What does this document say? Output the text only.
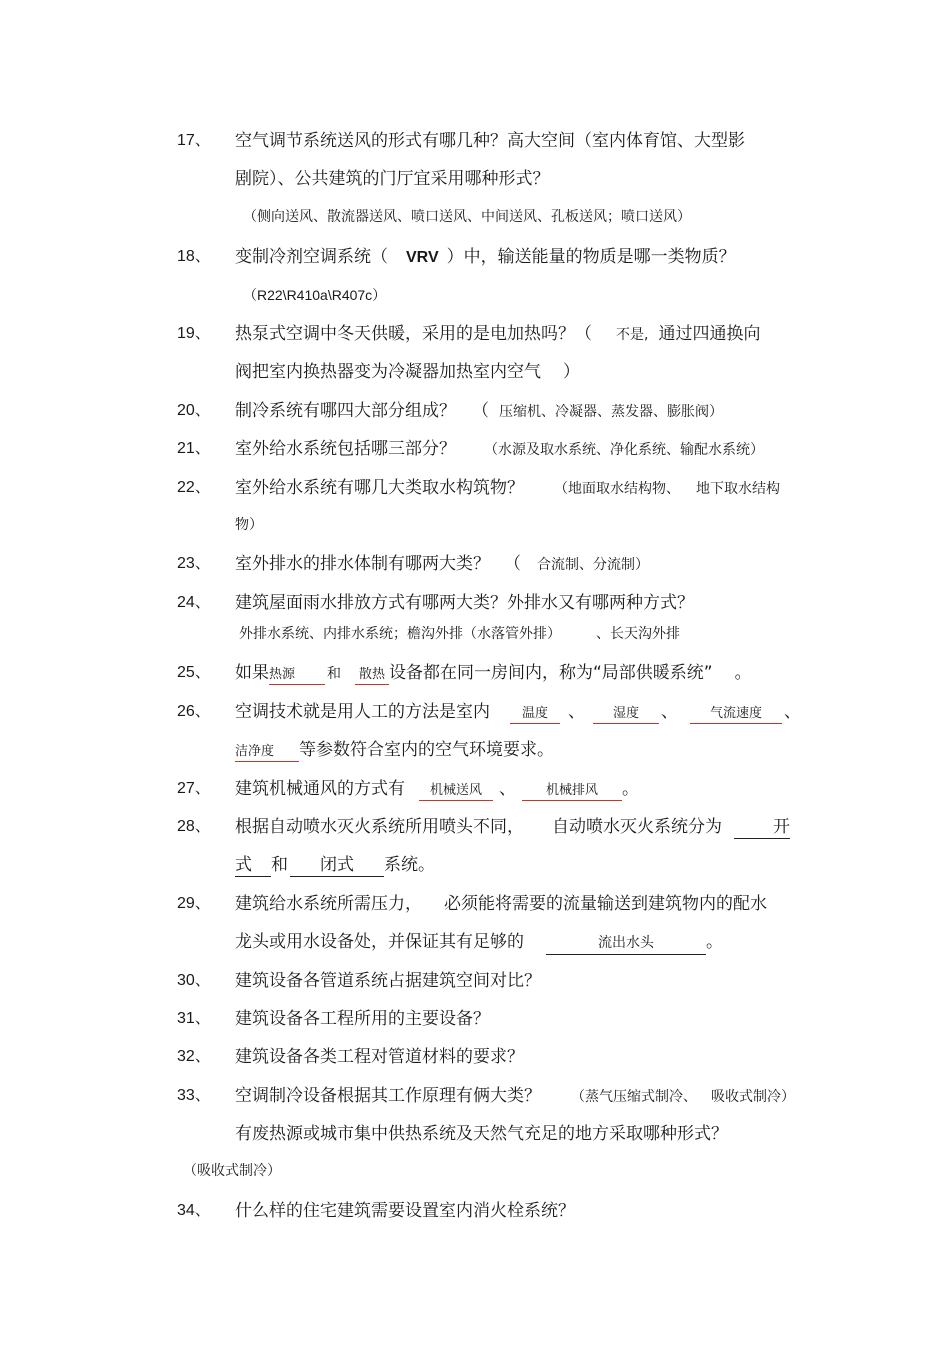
17、 空气调节系统送风的形式有哪几种？高大空间（室内体育馆、大型影
剧院）、公共建筑的门厅宜采用哪种形式？
（侧向送风、散流器送风、喷口送风、中间送风、孔板送风；喷口送风）
18、 变制冷剂空调系统（ VRV ）中，输送能量的物质是哪一类物质？
（R22\R410a\R407c）
19、 热泵式空调中冬天供暖，采用的是电加热吗？（ 不是, 通过四通换向
阀把室内换热器变为冷凝器加热室内空气 ）
20、 制冷系统有哪四大部分组成？ （ 压缩机、冷凝器、蒸发器、膨胀阀）
21、 室外给水系统包括哪三部分？ （水源及取水系统、净化系统、输配水系统）
22、 室外给水系统有哪几大类取水构筑物？ （地面取水结构物、 地下取水结构
物）
23、 室外排水的排水体制有哪两大类？ （ 合流制、分流制）
24、 建筑屋面雨水排放方式有哪两大类？外排水又有哪两种方式？
外排水系统、内排水系统；檐沟外排（水落管外排）	、长天沟外排
25、 如果热源 和 散热 设备都在同一房间内，称为“局部供暖系统” 。
26、 空调技术就是用人工的方法是室内 温度 、 湿度 、 气流速度 、
洁净度 等参数符合室内的空气环境要求。
27、 建筑机械通风的方式有 机械送风 、 机械排风 。
28、 根据自动喷水灭火系统所用喷头不同， 自动喷水灭火系统分为	开
式 和 闭式 系统。
29、 建筑给水系统所需压力， 必须能将需要的流量输送到建筑物内的配水
龙头或用水设备处，并保证其有足够的	流出水头	。
30、 建筑设备各管道系统占据建筑空间对比？
31、 建筑设备各工程所用的主要设备？
32、 建筑设备各类工程对管道材料的要求？
33、 空调制冷设备根据其工作原理有俩大类？ （蒸气压缩式制冷、 吸收式制冷）
有废热源或城市集中供热系统及天然气充足的地方采取哪种形式？
（吸收式制冷）
34、 什么样的住宅建筑需要设置室内消火栓系统？
